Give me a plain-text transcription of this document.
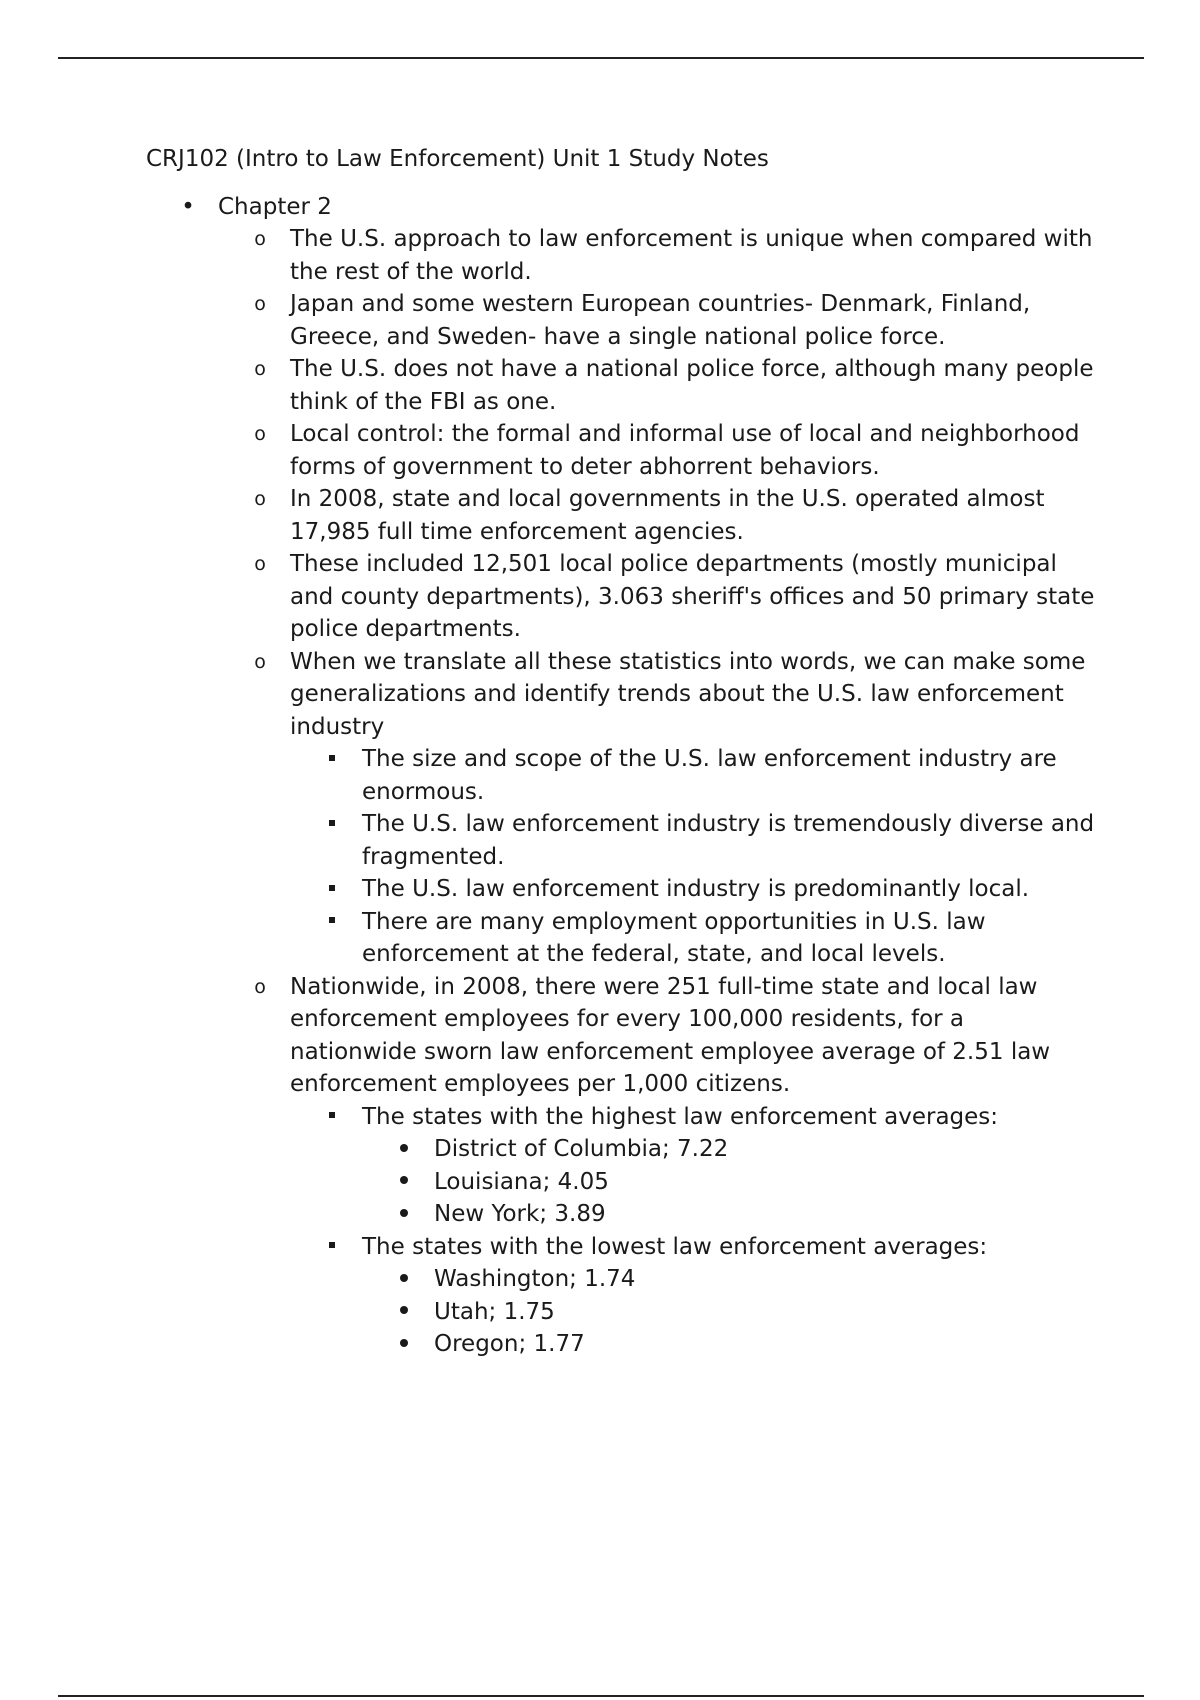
CRJ102 (Intro to Law Enforcement) Unit 1 Study Notes
• Chapter 2
o The U.S. approach to law enforcement is unique when compared with the rest of the world.
o Japan and some western European countries- Denmark, Finland, Greece, and Sweden- have a single national police force.
o The U.S. does not have a national police force, although many people think of the FBI as one.
o Local control: the formal and informal use of local and neighborhood forms of government to deter abhorrent behaviors.
o In 2008, state and local governments in the U.S. operated almost 17,985 full time enforcement agencies.
o These included 12,501 local police departments (mostly municipal and county departments), 3.063 sheriff's offices and 50 primary state police departments.
o When we translate all these statistics into words, we can make some generalizations and identify trends about the U.S. law enforcement industry
The size and scope of the U.S. law enforcement industry are enormous.
The U.S. law enforcement industry is tremendously diverse and fragmented.
The U.S. law enforcement industry is predominantly local.
There are many employment opportunities in U.S. law enforcement at the federal, state, and local levels.
o Nationwide, in 2008, there were 251 full-time state and local law enforcement employees for every 100,000 residents, for a nationwide sworn law enforcement employee average of 2.51 law enforcement employees per 1,000 citizens.
The states with the highest law enforcement averages:
District of Columbia; 7.22
Louisiana; 4.05
New York; 3.89
The states with the lowest law enforcement averages:
Washington; 1.74
Utah; 1.75
Oregon; 1.77
